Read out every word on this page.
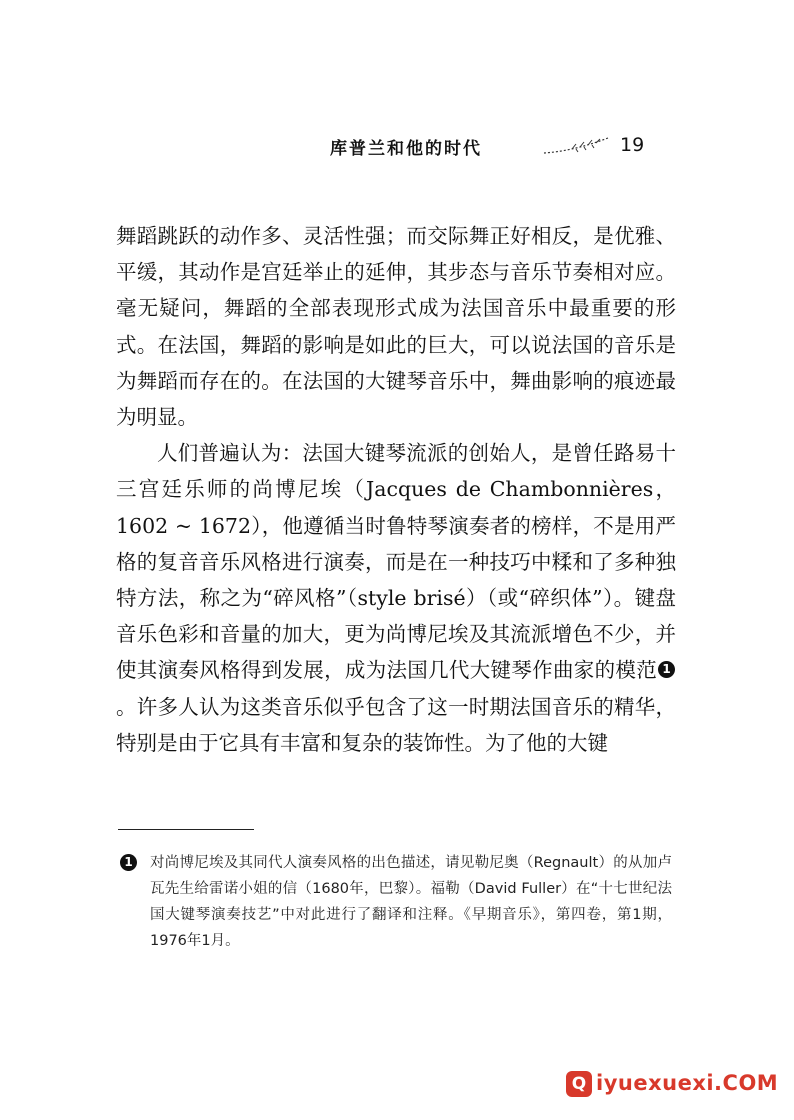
库普兰和他的时代	19

舞蹈跳跃的动作多、灵活性强；而交际舞正好相反，是优雅、平缓，其动作是宫廷举止的延伸，其步态与音乐节奏相对应。毫无疑问，舞蹈的全部表现形式成为法国音乐中最重要的形式。在法国，舞蹈的影响是如此的巨大，可以说法国的音乐是为舞蹈而存在的。在法国的大键琴音乐中，舞曲影响的痕迹最为明显。

人们普遍认为：法国大键琴流派的创始人，是曾任路易十三宫廷乐师的尚博尼埃（Jacques de Chambonnières，1602 ~ 1672），他遵循当时鲁特琴演奏者的榜样，不是用严格的复音音乐风格进行演奏，而是在一种技巧中糅和了多种独特方法，称之为“碎风格”（style brisé）（或“碎织体”）。键盘音乐色彩和音量的加大，更为尚博尼埃及其流派增色不少，并使其演奏风格得到发展，成为法国几代大键琴作曲家的模范 1。许多人认为这类音乐似乎包含了这一时期法国音乐的精华，特别是由于它具有丰富和复杂的装饰性。为了他的大键

1 对尚博尼埃及其同代人演奏风格的出色描述，请见勒尼奥（Regnault）的从加卢瓦先生给雷诺小姐的信（1680年，巴黎）。福勒（David Fuller）在“十七世纪法国大键琴演奏技艺”中对此进行了翻译和注释。《早期音乐》，第四卷，第1期，1976年1月。
Q iyuexuexi.COM
